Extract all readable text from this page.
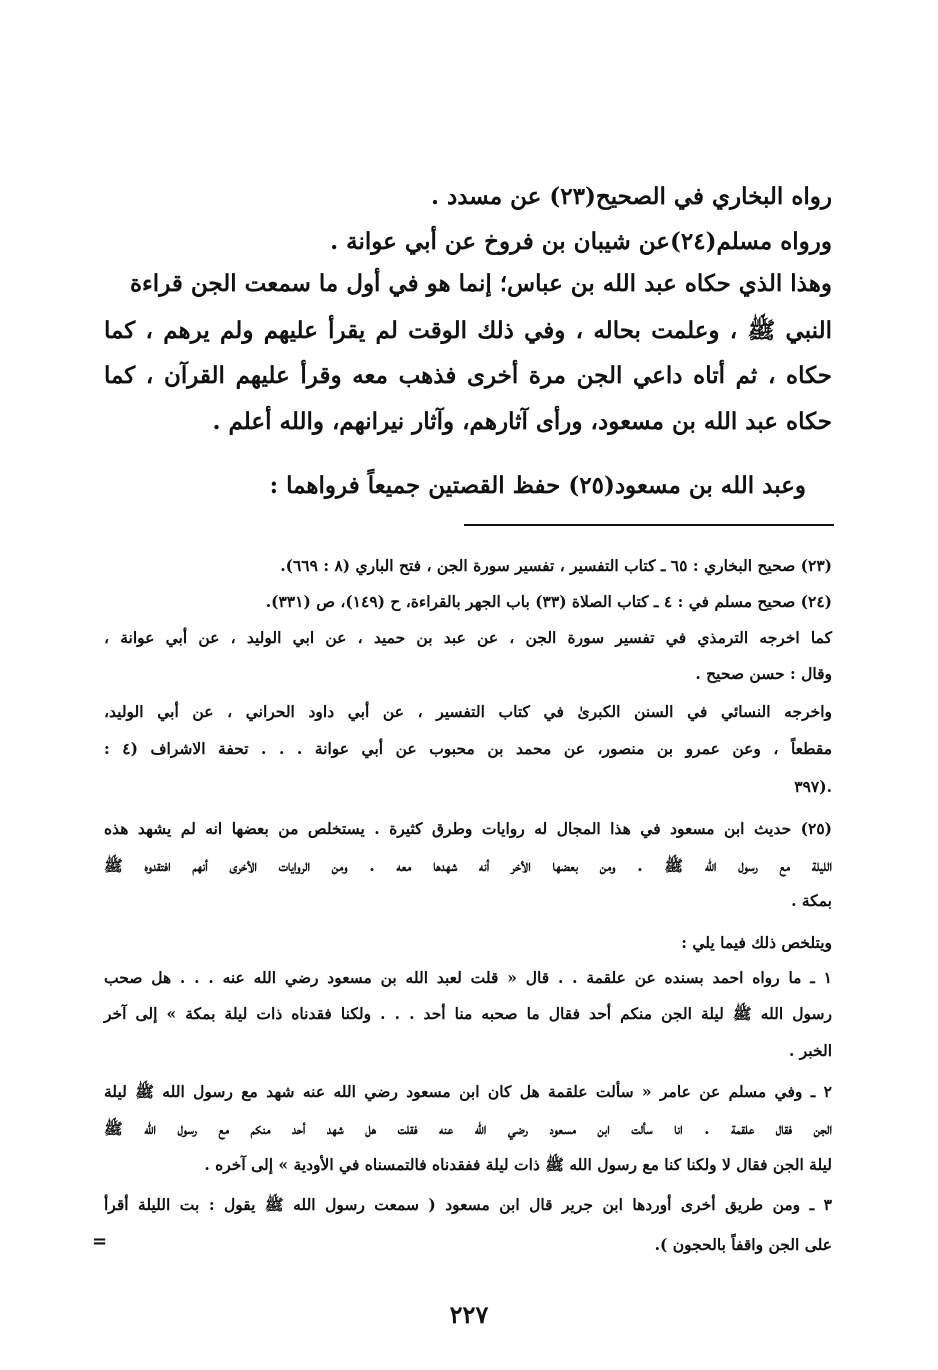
رواه البخاري في الصحيح(٢٣) عن مسدد .
ورواه مسلم(٢٤)عن شيبان بن فروخ عن أبي عوانة .
وهذا الذي حكاه عبد الله بن عباس؛ إنما هو في أول ما سمعت الجن قراءة
النبي ﷺ ، وعلمت بحاله ، وفي ذلك الوقت لم يقرأ عليهم ولم يرهم ، كما
حكاه ، ثم أتاه داعي الجن مرة أخرى فذهب معه وقرأ عليهم القرآن ، كما
حكاه عبد الله بن مسعود، ورأى آثارهم، وآثار نيرانهم، والله أعلم .
وعبد الله بن مسعود(٢٥) حفظ القصتين جميعاً فرواهما :
(٢٣) صحيح البخاري : ٦٥ ـ كتاب التفسير ، تفسير سورة الجن ، فتح الباري (٨ : ٦٦٩).
(٢٤) صحيح مسلم في : ٤ ـ كتاب الصلاة (٣٣) باب الجهر بالقراءة، ح (١٤٩)، ص (٣٣١).
كما اخرجه الترمذي في تفسير سورة الجن ، عن عبد بن حميد ، عن ابي الوليد ، عن أبي عوانة ،
وقال : حسن صحيح .
واخرجه النسائي في السنن الكبرىٰ في كتاب التفسير ، عن أبي داود الحراني ، عن أبي الوليد،
مقطعاً ، وعن عمرو بن منصور، عن محمد بن محبوب عن أبي عوانة . . . تحفة الاشراف (٤ :
٣٩٧).
(٢٥) حديث ابن مسعود في هذا المجال له روايات وطرق كثيرة . يستخلص من بعضها انه لم يشهد هذه
الليلة مع رسول الله ﷺ . ومن بعضها الأخر أنه شهدها معه . ومن الروايات الأخرى أنهم افتقدوه ﷺ
بمكة .
ويتلخص ذلك فيما يلي :
١ ـ ما رواه احمد بسنده عن علقمة . . قال « قلت لعبد الله بن مسعود رضي الله عنه . . . هل صحب
رسول الله ﷺ ليلة الجن منكم أحد فقال ما صحبه منا أحد . . . ولكنا فقدناه ذات ليلة بمكة » إلى آخر
الخبر .
٢ ـ وفي مسلم عن عامر « سألت علقمة هل كان ابن مسعود رضي الله عنه شهد مع رسول الله ﷺ ليلة
الجن فقال علقمة . انا سألت ابن مسعود رضي الله عنه فقلت هل شهد أحد منكم مع رسول الله ﷺ
ليلة الجن فقال لا ولكنا كنا مع رسول الله ﷺ ذات ليلة ففقدناه فالتمسناه في الأودية » إلى آخره .
٣ ـ ومن طريق أخرى أوردها ابن جرير قال ابن مسعود ( سمعت رسول الله ﷺ يقول : بت الليلة أقرأ
على الجن واقفاً بالحجون ).
=
٢٢٧
